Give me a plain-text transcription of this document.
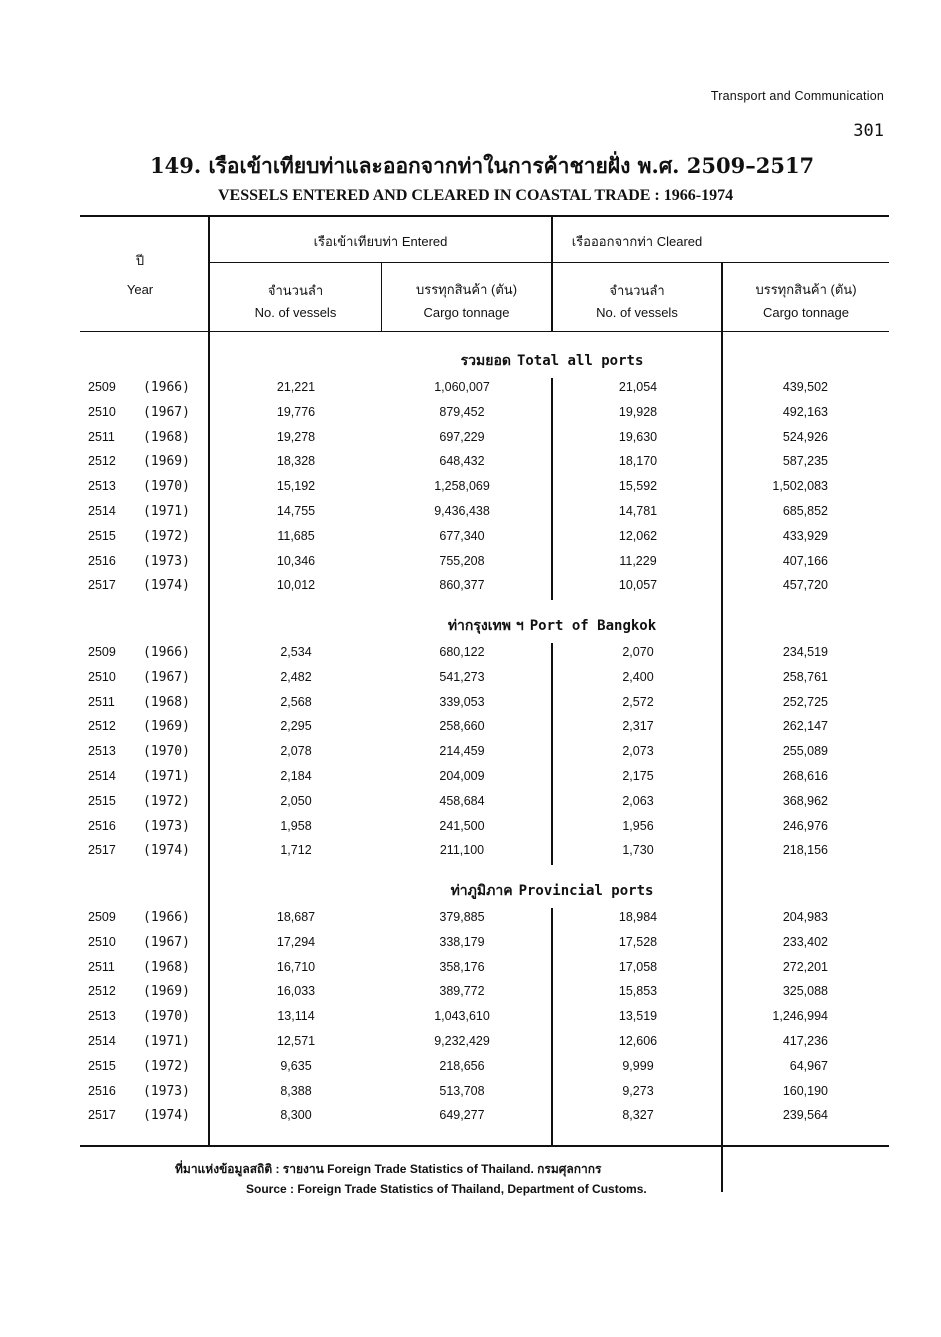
Transport and Communication
301
149. เรือเข้าเทียบท่าและออกจากท่าในการค้าชายฝั่ง พ.ศ. 2509–2517
VESSELS ENTERED AND CLEARED IN COASTAL TRADE : 1966-1974
ปี
Year
เรือเข้าเทียบท่า Entered	เรือออกจากท่า Cleared
จำนวนลำ
No. of vessels
บรรทุกสินค้า (ตัน)
Cargo tonnage
จำนวนลำ
No. of vessels
บรรทุกสินค้า (ตัน)
Cargo tonnage
รวมยอด Total all ports
2509 (1966)	21,221	1,060,007	21,054	439,502
2510 (1967)	19,776	879,452	19,928	492,163
2511 (1968)	19,278	697,229	19,630	524,926
2512 (1969)	18,328	648,432	18,170	587,235
2513 (1970)	15,192	1,258,069	15,592	1,502,083
2514 (1971)	14,755	9,436,438	14,781	685,852
2515 (1972)	11,685	677,340	12,062	433,929
2516 (1973)	10,346	755,208	11,229	407,166
2517 (1974)	10,012	860,377	10,057	457,720
ท่ากรุงเทพ ฯ Port of Bangkok
2509 (1966)	2,534	680,122	2,070	234,519
2510 (1967)	2,482	541,273	2,400	258,761
2511 (1968)	2,568	339,053	2,572	252,725
2512 (1969)	2,295	258,660	2,317	262,147
2513 (1970)	2,078	214,459	2,073	255,089
2514 (1971)	2,184	204,009	2,175	268,616
2515 (1972)	2,050	458,684	2,063	368,962
2516 (1973)	1,958	241,500	1,956	246,976
2517 (1974)	1,712	211,100	1,730	218,156
ท่าภูมิภาค Provincial ports
2509 (1966)	18,687	379,885	18,984	204,983
2510 (1967)	17,294	338,179	17,528	233,402
2511 (1968)	16,710	358,176	17,058	272,201
2512 (1969)	16,033	389,772	15,853	325,088
2513 (1970)	13,114	1,043,610	13,519	1,246,994
2514 (1971)	12,571	9,232,429	12,606	417,236
2515 (1972)	9,635	218,656	9,999	64,967
2516 (1973)	8,388	513,708	9,273	160,190
2517 (1974)	8,300	649,277	8,327	239,564
ที่มาแห่งข้อมูลสถิติ : รายงาน Foreign Trade Statistics of Thailand. กรมศุลกากร
Source : Foreign Trade Statistics of Thailand, Department of Customs.
